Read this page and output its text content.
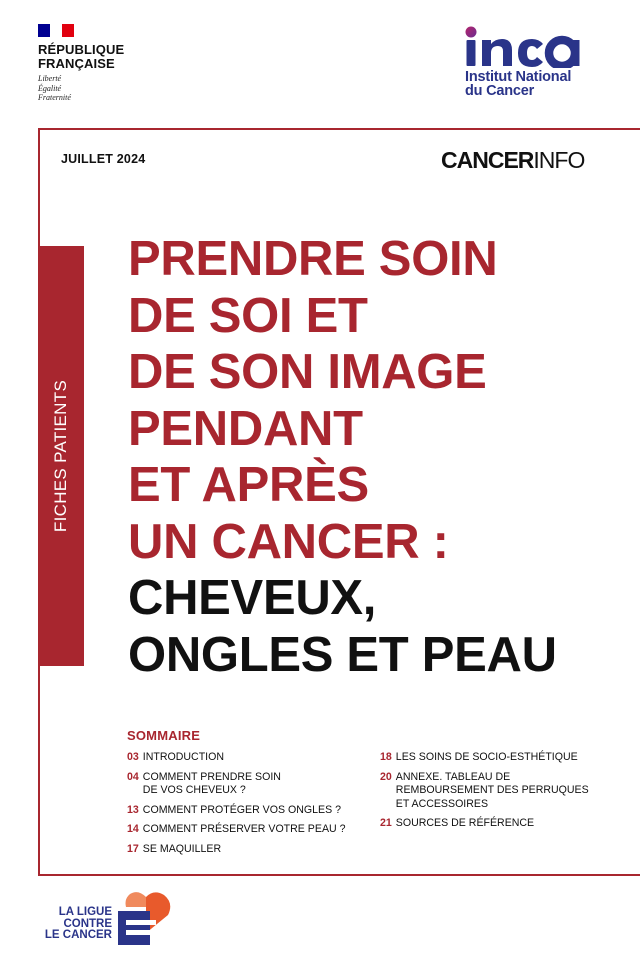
RÉPUBLIQUE
FRANÇAISE
Liberté
Égalité
Fraternité
Institut National
du Cancer
JUILLET 2024	CANCERINFO
FICHES PATIENTS
PRENDRE SOIN
DE SOI ET
DE SON IMAGE
PENDANT
ET APRÈS
UN CANCER :
CHEVEUX,
ONGLES ET PEAU
SOMMAIRE
03 INTRODUCTION
04 COMMENT PRENDRE SOIN
DE VOS CHEVEUX ?
13 COMMENT PROTÉGER VOS ONGLES ?
14 COMMENT PRÉSERVER VOTRE PEAU ?
17 SE MAQUILLER
18 LES SOINS DE SOCIO-ESTHÉTIQUE
20 ANNEXE. TABLEAU DE
REMBOURSEMENT DES PERRUQUES
ET ACCESSOIRES
21 SOURCES DE RÉFÉRENCE
LA LIGUE
CONTRE
LE CANCER
